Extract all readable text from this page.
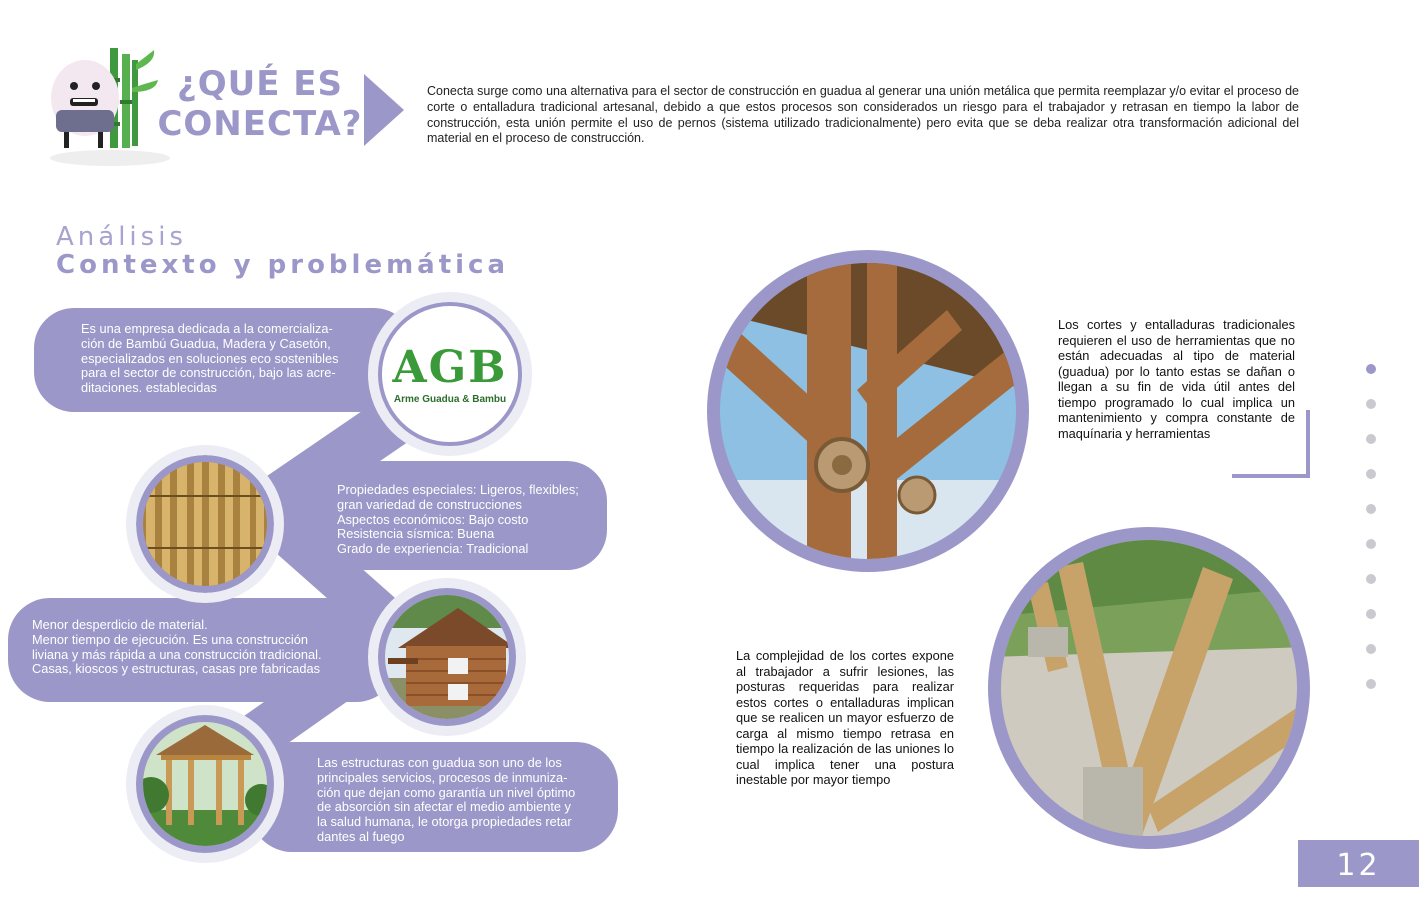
¿QUÉ ES
CONECTA?
Conecta surge como una alternativa para el sector de construcción en guadua al generar una unión metálica que permita reemplazar y/o evitar el proceso de corte o entalladura tradicional artesanal, debido a que estos procesos son considerados un riesgo para el trabajador y retrasan en tiempo la labor de construcción, esta unión permite el uso de pernos (sistema utilizado tradicionalmente) pero evita que se deba realizar otra transformación adicional del material en el proceso de construcción.
Análisis
Contexto y problemática
Es una empresa dedicada a la comercializa-
ción de Bambú Guadua, Madera y Casetón,
especializados en soluciones eco sostenibles
para el sector de construcción, bajo las acre-
ditaciones. establecidas
Propiedades especiales: Ligeros, flexibles;
gran variedad de construcciones
Aspectos económicos: Bajo costo
Resistencia sísmica: Buena
Grado de experiencia: Tradicional
Menor desperdicio de material.
Menor tiempo de ejecución. Es una construcción
liviana y más rápida a una construcción tradicional.
Casas, kioscos y estructuras, casas pre fabricadas
Las estructuras con guadua son uno de los
principales servicios, procesos de inmuniza-
ción que dejan como garantía un nivel óptimo
de absorción sin afectar el medio ambiente y
la salud humana, le otorga propiedades retar
dantes al fuego
AGB
Arme Guadua & Bambu
Los cortes y entalladuras tradicionales requieren el uso de herramientas que no están adecuadas al tipo de material (guadua) por lo tanto estas se dañan o llegan a su fin de vida útil antes del tiempo programado lo cual implica un mantenimiento y compra constante de maquínaria y herramientas
La complejidad de los cortes expone al trabajador a sufrir lesiones, las posturas requeridas para realizar estos cortes o entalladuras implican que se realicen un mayor esfuerzo de carga al mismo tiempo retrasa en tiempo la realización de las uniones lo cual implica tener una postura inestable por mayor tiempo
12
